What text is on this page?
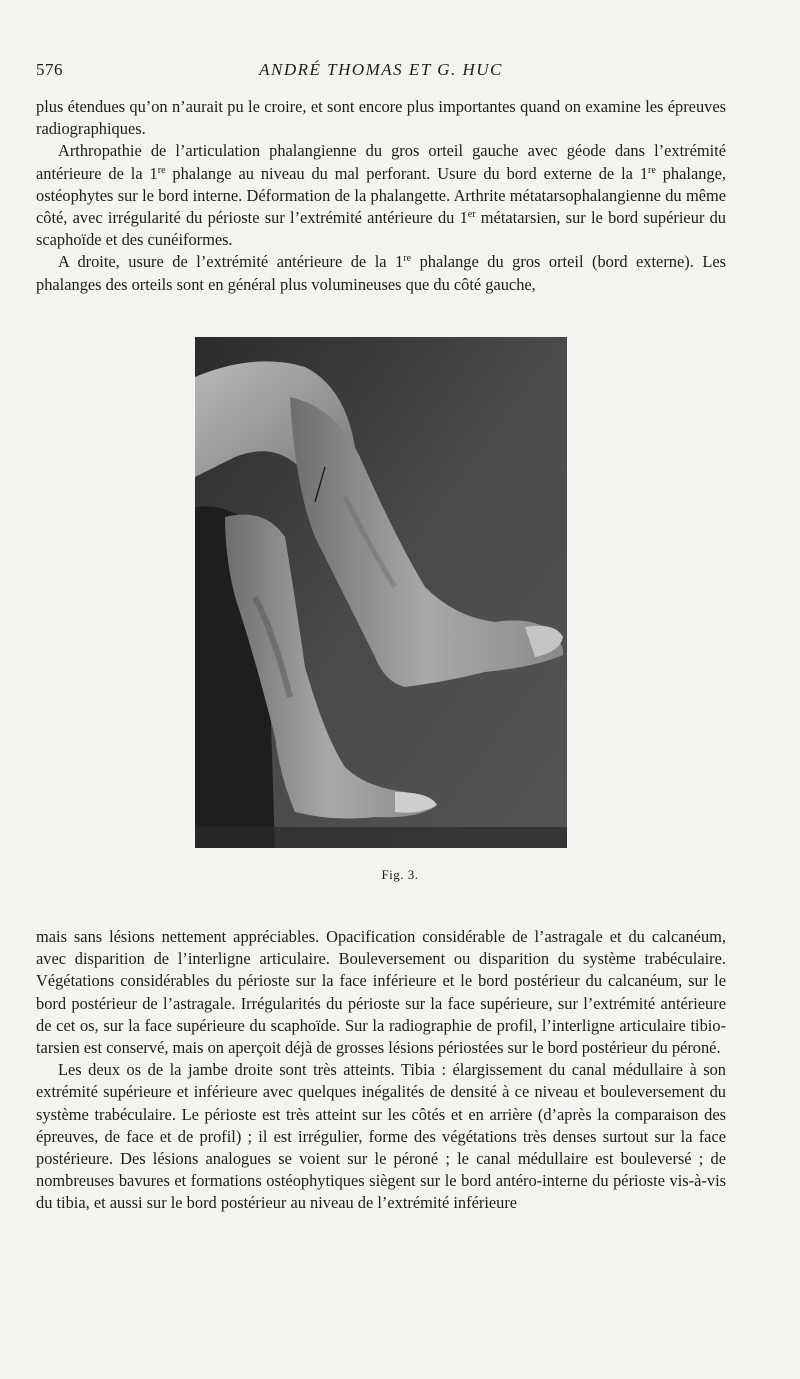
576	ANDRÉ THOMAS ET G. HUC

plus étendues qu’on n’aurait pu le croire, et sont encore plus importantes quand on examine les épreuves radiographiques.

Arthropathie de l’articulation phalangienne du gros orteil gauche avec géode dans l’extrémité antérieure de la 1re phalange au niveau du mal perforant. Usure du bord externe de la 1re phalange, ostéophytes sur le bord interne. Déformation de la phalangette. Arthrite métatarsophalangienne du même côté, avec irrégularité du périoste sur l’extrémité antérieure du 1er métatarsien, sur le bord supérieur du scaphoïde et des cunéiformes.

A droite, usure de l’extrémité antérieure de la 1re phalange du gros orteil (bord externe). Les phalanges des orteils sont en général plus volumineuses que du côté gauche,

Fig. 3.

mais sans lésions nettement appréciables. Opacification considérable de l’astragale et du calcanéum, avec disparition de l’interligne articulaire. Bouleversement ou disparition du système trabéculaire. Végétations considérables du périoste sur la face inférieure et le bord postérieur du calcanéum, sur le bord postérieur de l’astragale. Irrégularités du périoste sur la face supérieure, sur l’extrémité antérieure de cet os, sur la face supérieure du scaphoïde. Sur la radiographie de profil, l’interligne articulaire tibio-tarsien est conservé, mais on aperçoit déjà de grosses lésions périostées sur le bord postérieur du péroné.

Les deux os de la jambe droite sont très atteints. Tibia : élargissement du canal médullaire à son extrémité supérieure et inférieure avec quelques inégalités de densité à ce niveau et bouleversement du système trabéculaire. Le périoste est très atteint sur les côtés et en arrière (d’après la comparaison des épreuves, de face et de profil) ; il est irrégulier, forme des végétations très denses surtout sur la face postérieure. Des lésions analogues se voient sur le péroné ; le canal médullaire est bouleversé ; de nombreuses bavures et formations ostéophytiques siègent sur le bord antéro-interne du périoste vis-à-vis du tibia, et aussi sur le bord postérieur au niveau de l’extrémité inférieure
